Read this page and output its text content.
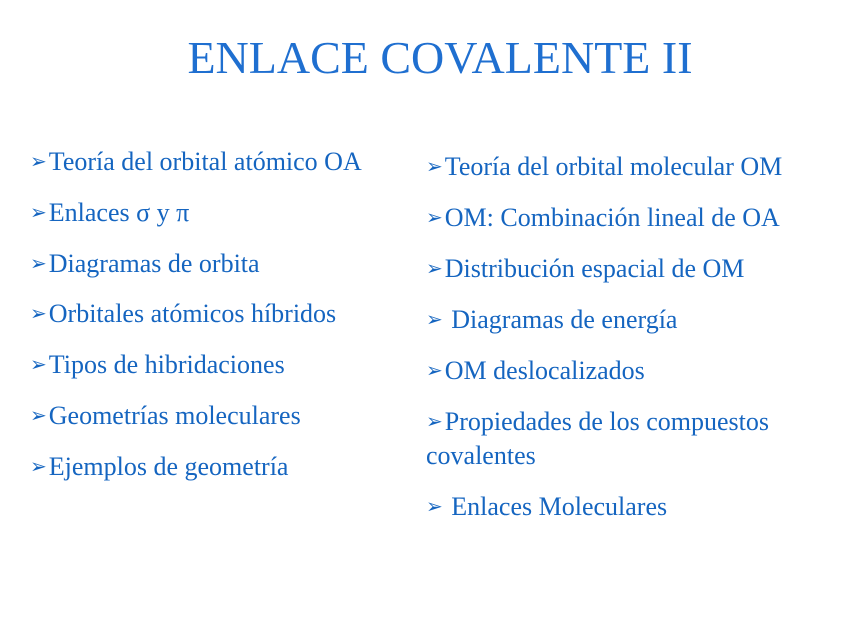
ENLACE COVALENTE II
➢Teoría del orbital atómico OA
➢Enlaces σ y π
➢Diagramas de orbita
➢Orbitales atómicos híbridos
➢Tipos de hibridaciones
➢Geometrías moleculares
➢Ejemplos de geometría
➢Teoría del orbital molecular OM
➢OM: Combinación lineal de OA
➢Distribución espacial de OM
➢ Diagramas de energía
➢OM deslocalizados
➢Propiedades de los compuestos covalentes
➢ Enlaces Moleculares
